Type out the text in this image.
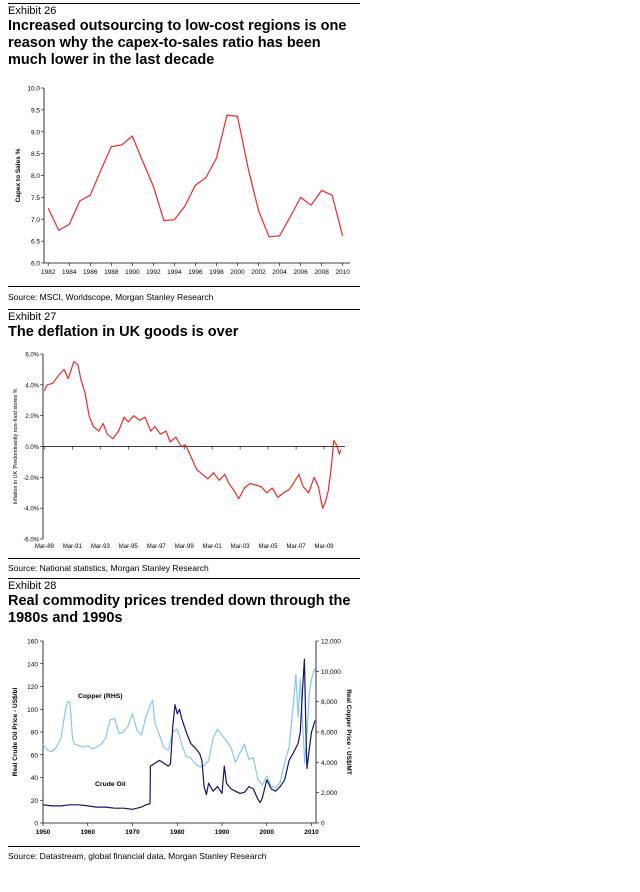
Exhibit 26
Increased outsourcing to low-cost regions is one reason why the capex-to-sales ratio has been much lower in the last decade
6.0
6.5
7.0
7.5
8.0
8.5
9.0
9.5
10.0
1982 1984 1986 1988 1990 1992 1994 1996 1998 2000 2002 2004 2006 2008 2010
Capex to Sales %
Source: MSCI, Worldscope, Morgan Stanley Research
Exhibit 27
The deflation in UK goods is over
-6.0%
-4.0%
-2.0%
0.0%
2.0%
4.0%
6.0%
Mar-89 Mar-91 Mar-93 Mar-95 Mar-97 Mar-99 Mar-01 Mar-03 Mar-05 Mar-07 Mar-09
Inflation in UK 'Predominantly non-food stores %
Source: National statistics, Morgan Stanley Research
Exhibit 28
Real commodity prices trended down through the 1980s and 1990s
0
20
40
60
80
100
120
140
160
0
2,000
4,000
6,000
8,000
10,000
12,000
1950	1960	1970	1980	1990	2000	2010
Real Crude Oil Price - US$/bl	Real Copper Price - US$/MT
Copper (RHS)
Crude Oil
Source: Datastream, global financial data, Morgan Stanley Research
